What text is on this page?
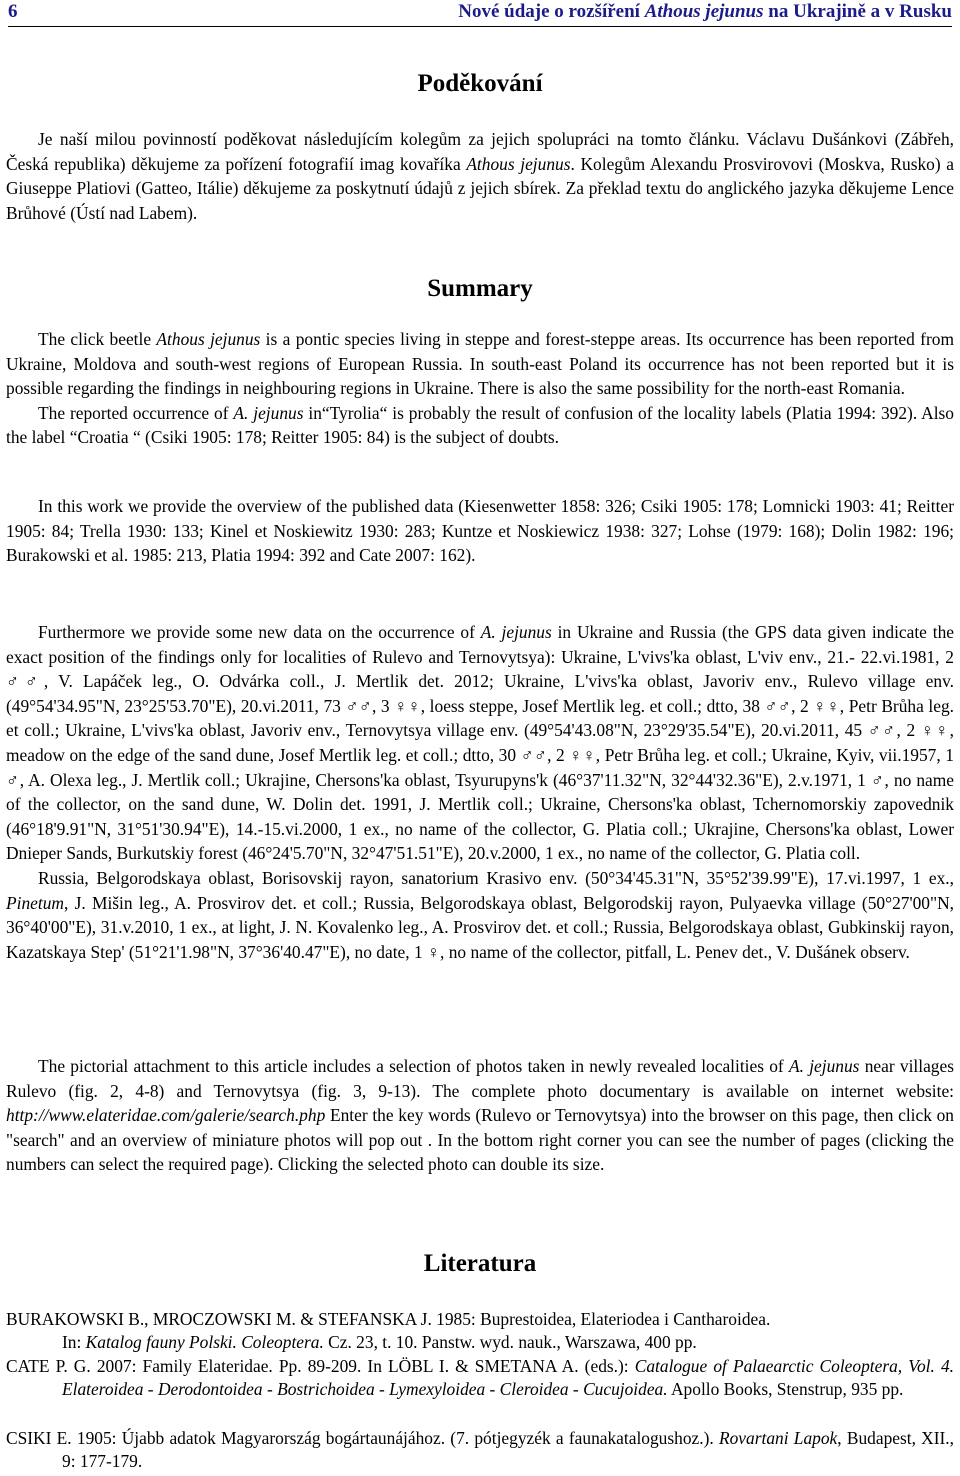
6	Nové údaje o rozšíření Athous jejunus na Ukrajině a v Rusku
Poděkování

Je naší milou povinností poděkovat následujícím kolegům za jejich spolupráci na tomto článku. Václavu Dušánkovi (Zábřeh, Česká republika) děkujeme za pořízení fotografií imag kovaříka Athous jejunus. Kolegům Alexandu Prosvirovovi (Moskva, Rusko) a Giuseppe Platiovi (Gatteo, Itálie) děkujeme za poskytnutí údajů z jejich sbírek. Za překlad textu do anglického jazyka děkujeme Lence Brůhové (Ústí nad Labem).

Summary

The click beetle Athous jejunus is a pontic species living in steppe and forest-steppe areas. Its occurrence has been reported from Ukraine, Moldova and south-west regions of European Russia. In south-east Poland its occurrence has not been reported but it is possible regarding the findings in neighbouring regions in Ukraine. There is also the same possibility for the north-east Romania.

The reported occurrence of A. jejunus in“Tyrolia“ is probably the result of confusion of the locality labels (Platia 1994: 392). Also the label “Croatia “ (Csiki 1905: 178; Reitter 1905: 84) is the subject of doubts.

In this work we provide the overview of the published data (Kiesenwetter 1858: 326; Csiki 1905: 178; Lomnicki 1903: 41; Reitter 1905: 84; Trella 1930: 133; Kinel et Noskiewitz 1930: 283; Kuntze et Noskiewicz 1938: 327; Lohse (1979: 168); Dolin 1982: 196; Burakowski et al. 1985: 213, Platia 1994: 392 and Cate 2007: 162).

Furthermore we provide some new data on the occurrence of A. jejunus in Ukraine and Russia (the GPS data given indicate the exact position of the findings only for localities of Rulevo and Ternovytsya): Ukraine, L'vivs'ka oblast, L'viv env., 21.- 22.vi.1981, 2 ♂♂, V. Lapáček leg., O. Odvárka coll., J. Mertlik det. 2012; Ukraine, L'vivs'ka oblast, Javoriv env., Rulevo village env. (49°54'34.95"N, 23°25'53.70"E), 20.vi.2011, 73 ♂♂, 3 ♀♀, loess steppe, Josef Mertlik leg. et coll.; dtto, 38 ♂♂, 2 ♀♀, Petr Brůha leg. et coll.; Ukraine, L'vivs'ka oblast, Javoriv env., Ternovytsya village env. (49°54'43.08"N, 23°29'35.54"E), 20.vi.2011, 45 ♂♂, 2 ♀♀, meadow on the edge of the sand dune, Josef Mertlik leg. et coll.; dtto, 30 ♂♂, 2 ♀♀, Petr Brůha leg. et coll.; Ukraine, Kyiv, vii.1957, 1 ♂, A. Olexa leg., J. Mertlik coll.; Ukrajine, Chersons'ka oblast, Tsyurupyns'k (46°37'11.32"N, 32°44'32.36"E), 2.v.1971, 1 ♂, no name of the collector, on the sand dune, W. Dolin det. 1991, J. Mertlik coll.; Ukraine, Chersons'ka oblast, Tchernomorskiy zapovednik (46°18'9.91"N, 31°51'30.94"E), 14.-15.vi.2000, 1 ex., no name of the collector, G. Platia coll.; Ukrajine, Chersons'ka oblast, Lower Dnieper Sands, Burkutskiy forest (46°24'5.70"N, 32°47'51.51"E), 20.v.2000, 1 ex., no name of the collector, G. Platia coll.

Russia, Belgorodskaya oblast, Borisovskij rayon, sanatorium Krasivo env. (50°34'45.31"N, 35°52'39.99"E), 17.vi.1997, 1 ex., Pinetum, J. Mišin leg., A. Prosvirov det. et coll.; Russia, Belgorodskaya oblast, Belgorodskij rayon, Pulyaevka village (50°27'00"N, 36°40'00"E), 31.v.2010, 1 ex., at light, J. N. Kovalenko leg., A. Prosvirov det. et coll.; Russia, Belgorodskaya oblast, Gubkinskij rayon, Kazatskaya Step' (51°21'1.98"N, 37°36'40.47"E), no date, 1 ♀, no name of the collector, pitfall, L. Penev det., V. Dušánek observ.

The pictorial attachment to this article includes a selection of photos taken in newly revealed localities of A. jejunus near villages Rulevo (fig. 2, 4-8) and Ternovytsya (fig. 3, 9-13). The complete photo documentary is available on internet website: http://www.elateridae.com/galerie/search.php Enter the key words (Rulevo or Ternovytsya) into the browser on this page, then click on "search" and an overview of miniature photos will pop out . In the bottom right corner you can see the number of pages (clicking the numbers can select the required page). Clicking the selected photo can double its size.

Literatura
BURAKOWSKI B., MROCZOWSKI M. & STEFANSKA J. 1985: Buprestoidea, Elateriodea i Cantharoidea.
In: Katalog fauny Polski. Coleoptera. Cz. 23, t. 10. Panstw. wyd. nauk., Warszawa, 400 pp.
CATE P. G. 2007: Family Elateridae. Pp. 89-209. In LÖBL I. & SMETANA A. (eds.): Catalogue of Palaearctic Coleoptera, Vol. 4. Elateroidea - Derodontoidea - Bostrichoidea - Lymexyloidea - Cleroidea - Cucujoidea. Apollo Books, Stenstrup, 935 pp.
CSIKI E. 1905: Újabb adatok Magyarország bogártaunájához. (7. pótjegyzék a faunakatalogushoz.). Rovartani Lapok, Budapest, XII., 9: 177-179.
